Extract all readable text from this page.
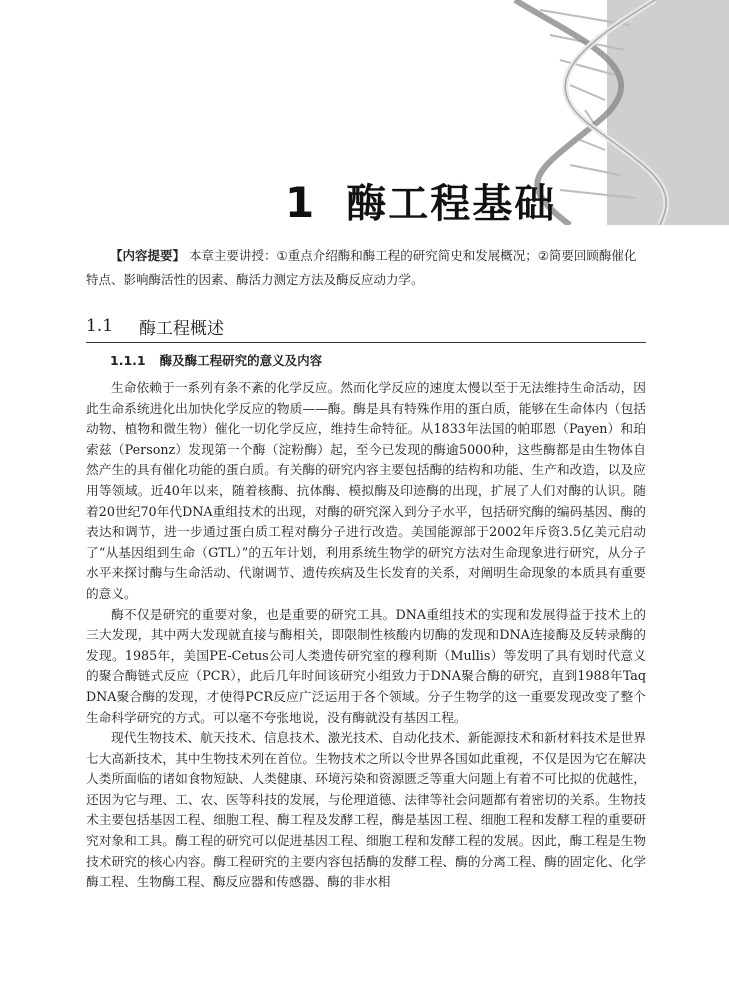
1 酶工程基础

【内容提要】 本章主要讲授：①重点介绍酶和酶工程的研究简史和发展概况；②简要回顾酶催化特点、影响酶活性的因素、酶活力测定方法及酶反应动力学。

1.1 酶工程概述
1.1.1 酶及酶工程研究的意义及内容

生命依赖于一系列有条不紊的化学反应。然而化学反应的速度太慢以至于无法维持生命活动，因此生命系统进化出加快化学反应的物质——酶。酶是具有特殊作用的蛋白质，能够在生命体内（包括动物、植物和微生物）催化一切化学反应，维持生命特征。从1833年法国的帕耶恩（Payen）和珀索兹（Personz）发现第一个酶（淀粉酶）起，至今已发现的酶逾5000种，这些酶都是由生物体自然产生的具有催化功能的蛋白质。有关酶的研究内容主要包括酶的结构和功能、生产和改造，以及应用等领域。近40年以来，随着核酶、抗体酶、模拟酶及印迹酶的出现，扩展了人们对酶的认识。随着20世纪70年代DNA重组技术的出现，对酶的研究深入到分子水平，包括研究酶的编码基因、酶的表达和调节，进一步通过蛋白质工程对酶分子进行改造。美国能源部于2002年斥资3.5亿美元启动了“从基因组到生命（GTL）”的五年计划，利用系统生物学的研究方法对生命现象进行研究，从分子水平来探讨酶与生命活动、代谢调节、遗传疾病及生长发育的关系，对阐明生命现象的本质具有重要的意义。

酶不仅是研究的重要对象，也是重要的研究工具。DNA重组技术的实现和发展得益于技术上的三大发现，其中两大发现就直接与酶相关，即限制性核酸内切酶的发现和DNA连接酶及反转录酶的发现。1985年，美国PE-Cetus公司人类遗传研究室的穆利斯（Mullis）等发明了具有划时代意义的聚合酶链式反应（PCR），此后几年时间该研究小组致力于DNA聚合酶的研究，直到1988年Taq DNA聚合酶的发现，才使得PCR反应广泛运用于各个领域。分子生物学的这一重要发现改变了整个生命科学研究的方式。可以毫不夸张地说，没有酶就没有基因工程。

现代生物技术、航天技术、信息技术、激光技术、自动化技术、新能源技术和新材料技术是世界七大高新技术，其中生物技术列在首位。生物技术之所以令世界各国如此重视，不仅是因为它在解决人类所面临的诸如食物短缺、人类健康、环境污染和资源匮乏等重大问题上有着不可比拟的优越性，还因为它与理、工、农、医等科技的发展，与伦理道德、法律等社会问题都有着密切的关系。生物技术主要包括基因工程、细胞工程、酶工程及发酵工程，酶是基因工程、细胞工程和发酵工程的重要研究对象和工具。酶工程的研究可以促进基因工程、细胞工程和发酵工程的发展。因此，酶工程是生物技术研究的核心内容。酶工程研究的主要内容包括酶的发酵工程、酶的分离工程、酶的固定化、化学酶工程、生物酶工程、酶反应器和传感器、酶的非水相
